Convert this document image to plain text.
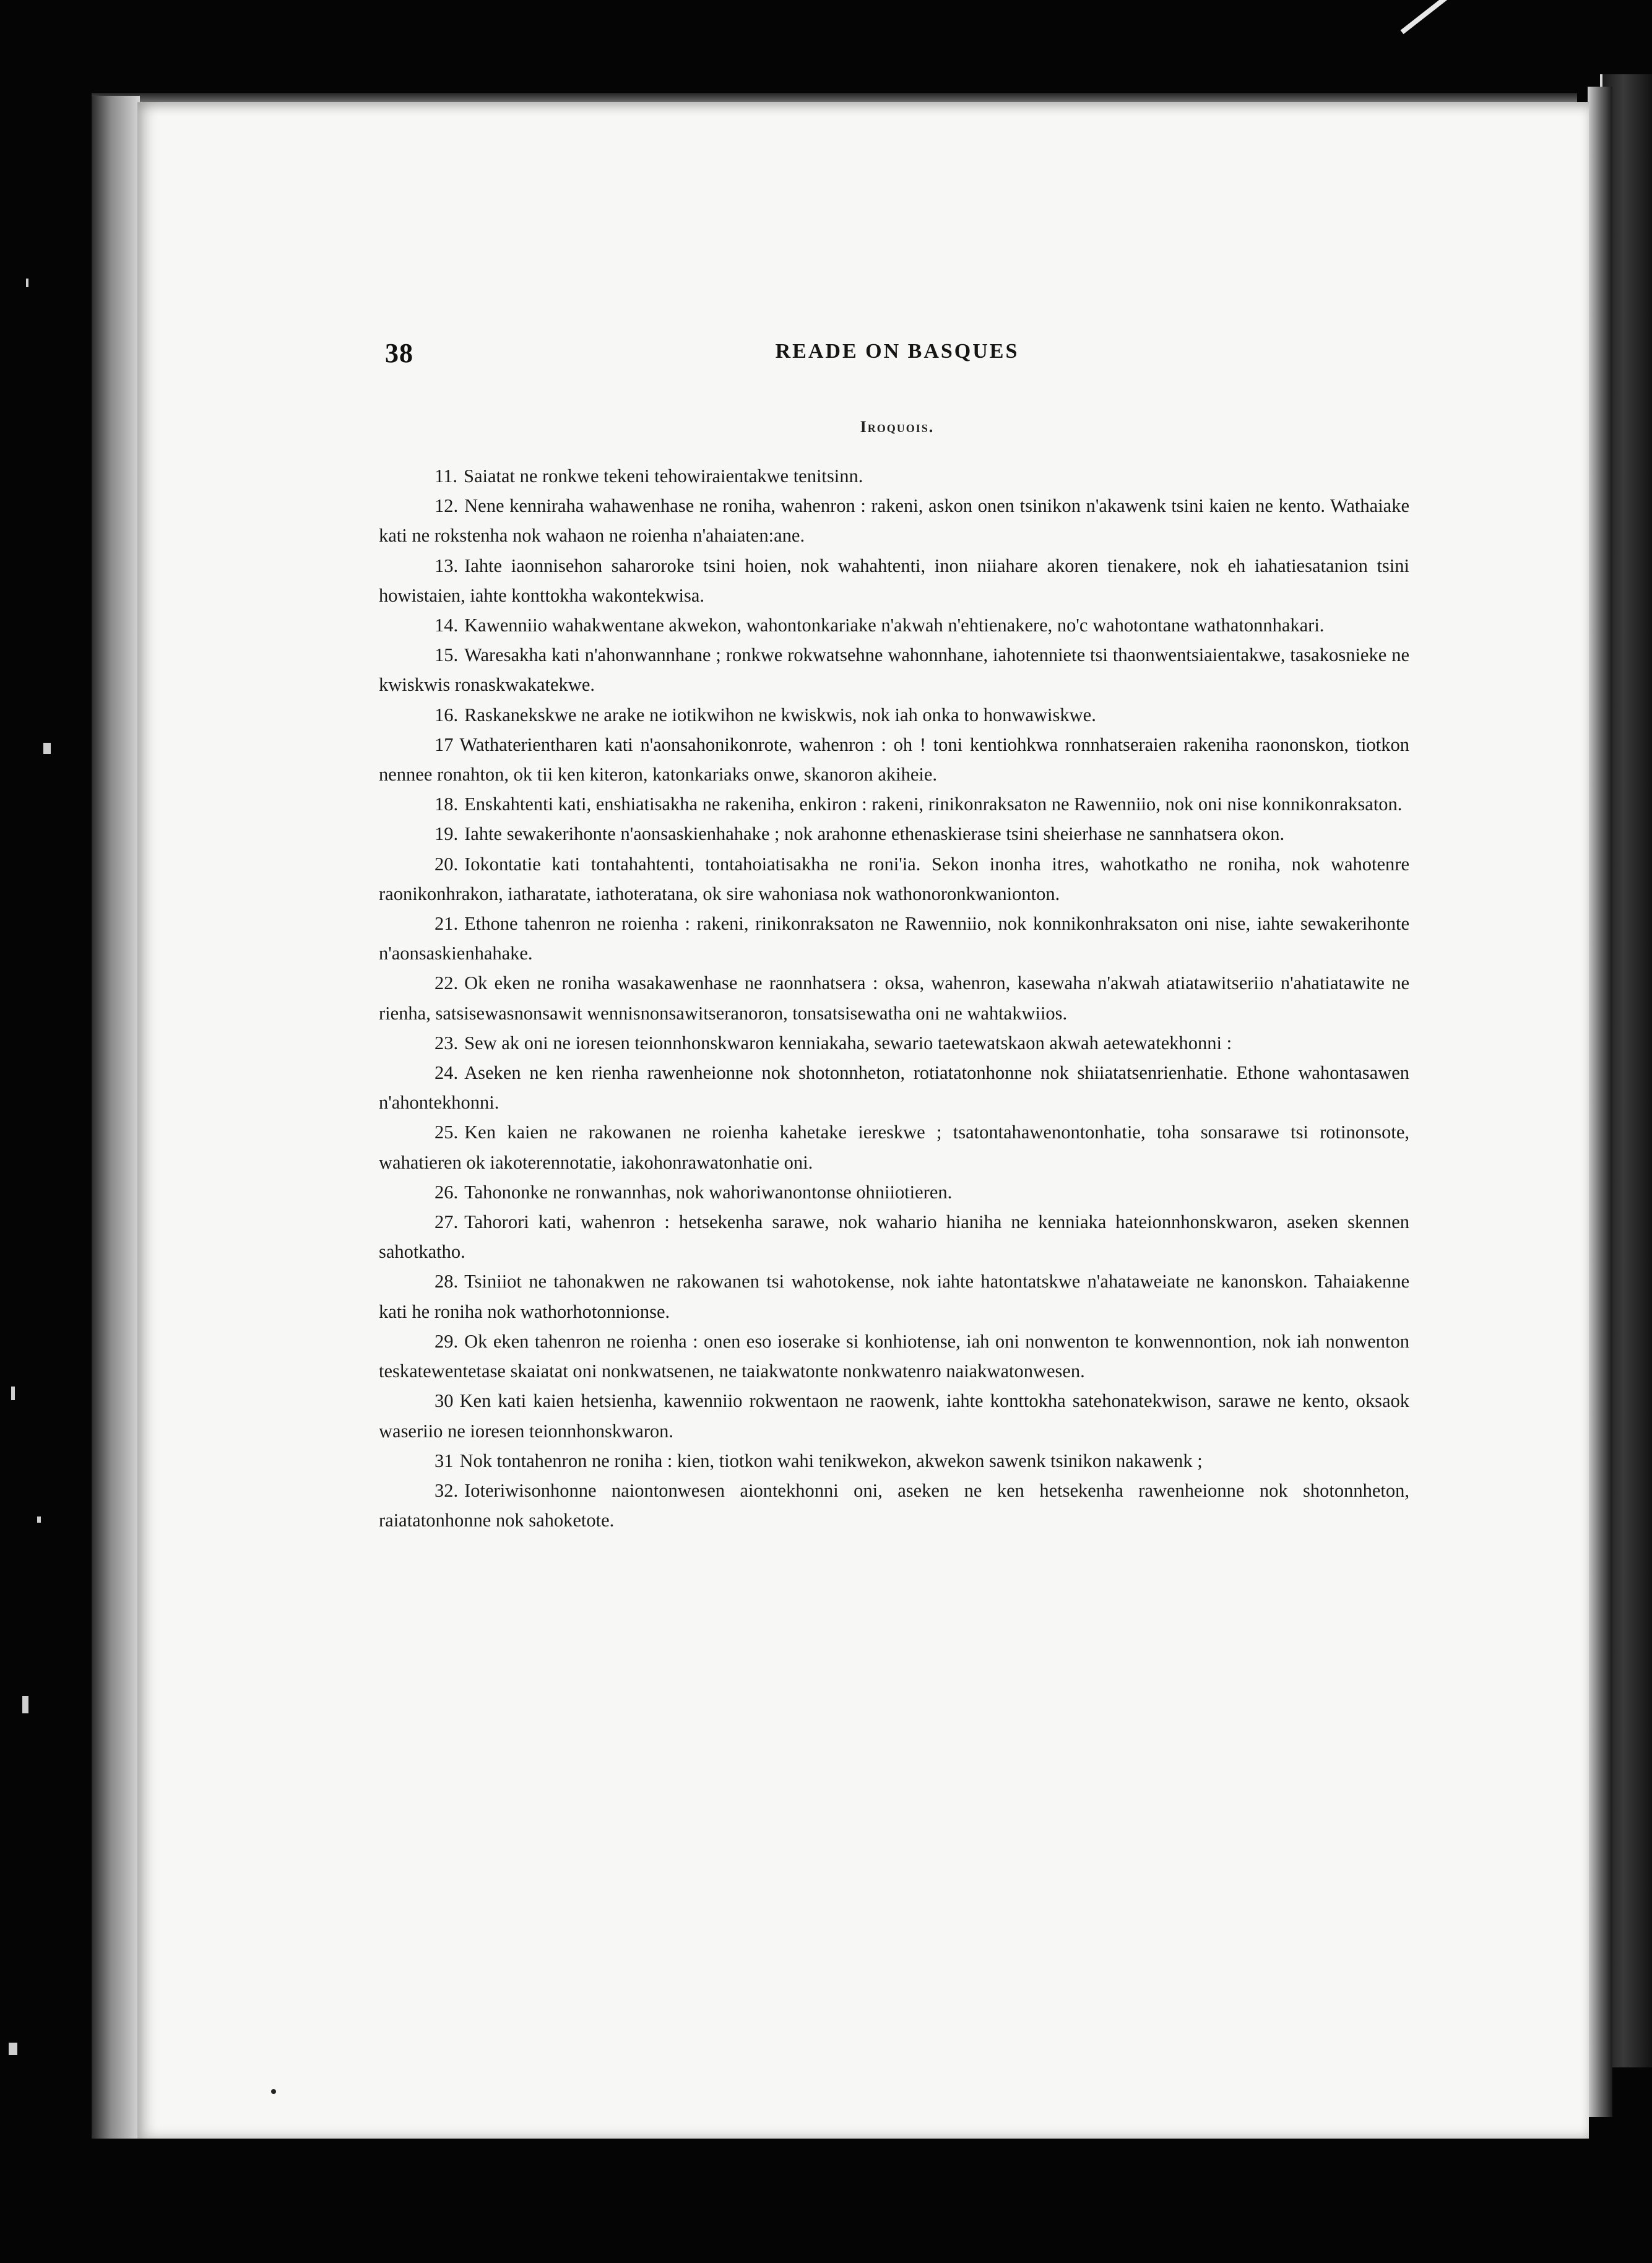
38	READE ON BASQUES
Iroquois.

11. Saiatat ne ronkwe tekeni tehowiraientakwe tenitsinn.

12. Nene kenniraha wahawenhase ne roniha, wahenron : rakeni, askon onen tsinikon n'akawenk tsini kaien ne kento. Wathaiake kati ne rokstenha nok wahaon ne roienha n'ahaiaten:ane.

13. Iahte iaonnisehon saharoroke tsini hoien, nok wahahtenti, inon niiahare akoren tienakere, nok eh iahatiesatanion tsini howistaien, iahte konttokha wakontekwisa.

14. Kawenniio wahakwentane akwekon, wahontonkariake n'akwah n'ehtienakere, no'c wahotontane wathatonnhakari.

15. Waresakha kati n'ahonwannhane ; ronkwe rokwatsehne wahonnhane, iahotenniete tsi thaonwentsiaientakwe, tasakosnieke ne kwiskwis ronaskwakatekwe.

16. Raskanekskwe ne arake ne iotikwihon ne kwiskwis, nok iah onka to honwawiskwe.

17 Wathaterientharen kati n'aonsahonikonrote, wahenron : oh ! toni kentiohkwa ronnhatseraien rakeniha raononskon, tiotkon nennee ronahton, ok tii ken kiteron, katonkariaks onwe, skanoron akiheie.

18. Enskahtenti kati, enshiatisakha ne rakeniha, enkiron : rakeni, rinikonraksaton ne Rawenniio, nok oni nise konnikonraksaton.

19. Iahte sewakerihonte n'aonsaskienhahake ; nok arahonne ethenaskierase tsini sheierhase ne sannhatsera okon.

20. Iokontatie kati tontahahtenti, tontahoiatisakha ne roni'ia. Sekon inonha itres, wahotkatho ne roniha, nok wahotenre raonikonhrakon, iatharatate, iathoteratana, ok sire wahoniasa nok wathonoronkwanionton.

21. Ethone tahenron ne roienha : rakeni, rinikonraksaton ne Rawenniio, nok konnikonhraksaton oni nise, iahte sewakerihonte n'aonsaskienhahake.

22. Ok eken ne roniha wasakawenhase ne raonnhatsera : oksa, wahenron, kasewaha n'akwah atiatawitseriio n'ahatiatawite ne rienha, satsisewasnonsawit wennisnonsawitseranoron, tonsatsisewatha oni ne wahtakwiios.

23. Sew ak oni ne ioresen teionnhonskwaron kenniakaha, sewario taetewatskaon akwah aetewatekhonni :

24. Aseken ne ken rienha rawenheionne nok shotonnheton, rotiatatonhonne nok shiiatatsenrienhatie. Ethone wahontasawen n'ahontekhonni.

25. Ken kaien ne rakowanen ne roienha kahetake iereskwe ; tsatontahawenontonhatie, toha sonsarawe tsi rotinonsote, wahatieren ok iakoterennotatie, iakohonrawatonhatie oni.

26. Tahononke ne ronwannhas, nok wahoriwanontonse ohniiotieren.

27. Tahorori kati, wahenron : hetsekenha sarawe, nok wahario hianiha ne kenniaka hateionnhonskwaron, aseken skennen sahotkatho.

28. Tsiniiot ne tahonakwen ne rakowanen tsi wahotokense, nok iahte hatontatskwe n'ahataweiate ne kanonskon. Tahaiakenne kati he roniha nok wathorhotonnionse.

29. Ok eken tahenron ne roienha : onen eso ioserake si konhiotense, iah oni nonwenton te konwennontion, nok iah nonwenton teskatewentetase skaiatat oni nonkwatsenen, ne taiakwatonte nonkwatenro naiakwatonwesen.

30 Ken kati kaien hetsienha, kawenniio rokwentaon ne raowenk, iahte konttokha satehonatekwison, sarawe ne kento, oksaok waseriio ne ioresen teionnhonskwaron.

31 Nok tontahenron ne roniha : kien, tiotkon wahi tenikwekon, akwekon sawenk tsinikon nakawenk ;

32. Ioteriwisonhonne naiontonwesen aiontekhonni oni, aseken ne ken hetsekenha rawenheionne nok shotonnheton, raiatatonhonne nok sahoketote.
